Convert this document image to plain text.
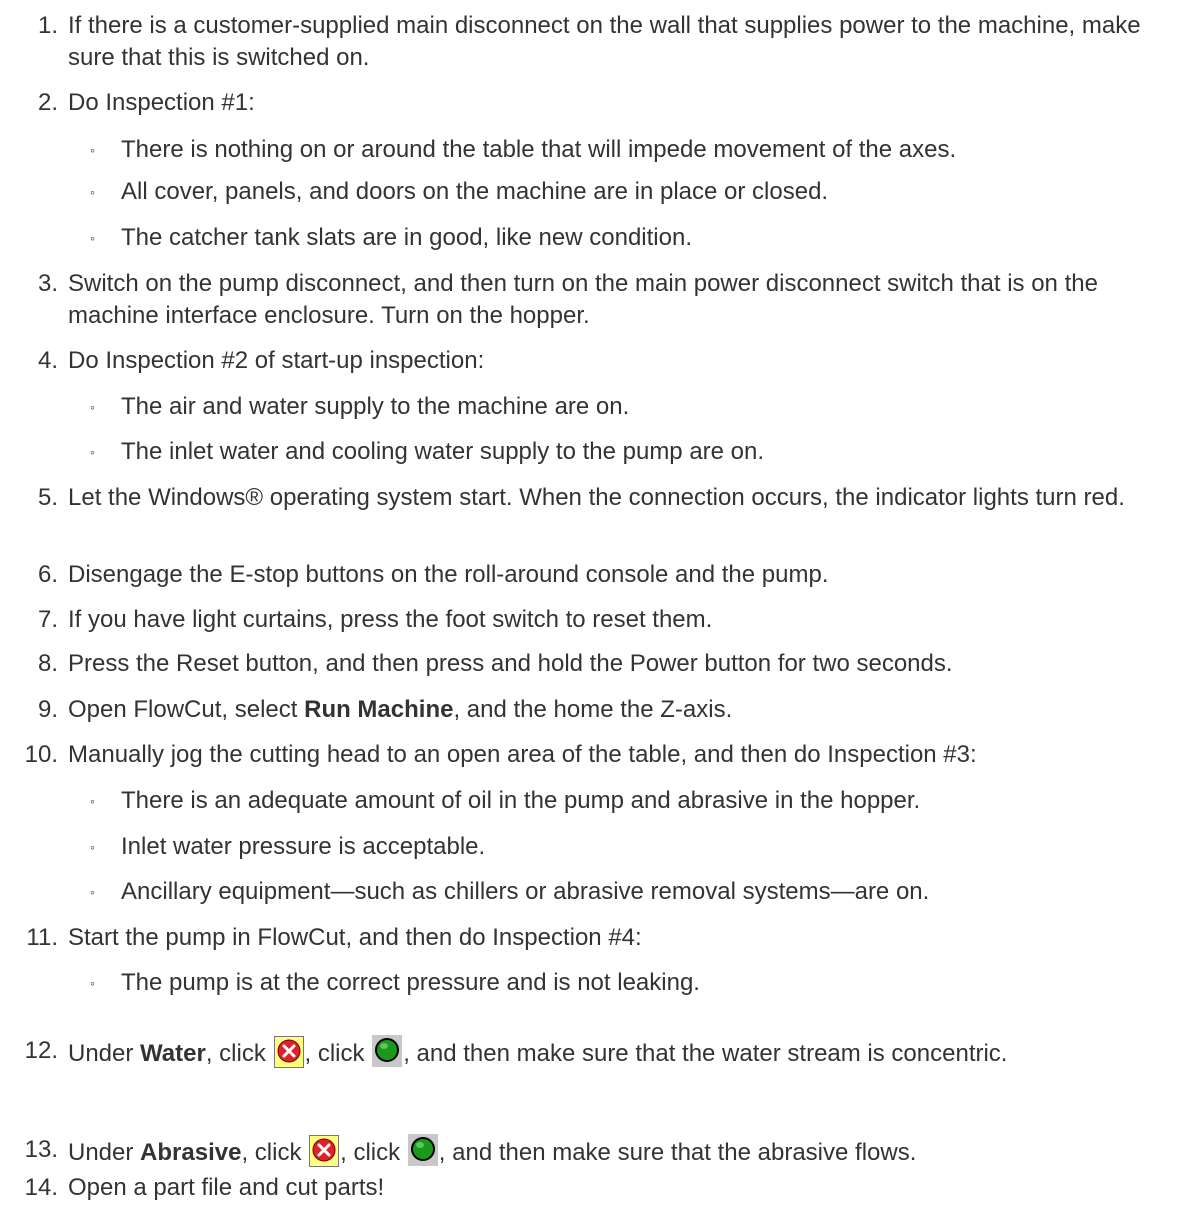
1. If there is a customer-supplied main disconnect on the wall that supplies power to the machine, make sure that this is switched on.
2. Do Inspection #1:
◦ There is nothing on or around the table that will impede movement of the axes.
◦ All cover, panels, and doors on the machine are in place or closed.
◦ The catcher tank slats are in good, like new condition.
3. Switch on the pump disconnect, and then turn on the main power disconnect switch that is on the machine interface enclosure. Turn on the hopper.
4. Do Inspection #2 of start-up inspection:
◦ The air and water supply to the machine are on.
◦ The inlet water and cooling water supply to the pump are on.
5. Let the Windows® operating system start. When the connection occurs, the indicator lights turn red.
6. Disengage the E-stop buttons on the roll-around console and the pump.
7. If you have light curtains, press the foot switch to reset them.
8. Press the Reset button, and then press and hold the Power button for two seconds.
9. Open FlowCut, select Run Machine, and the home the Z-axis.
10. Manually jog the cutting head to an open area of the table, and then do Inspection #3:
◦ There is an adequate amount of oil in the pump and abrasive in the hopper.
◦ Inlet water pressure is acceptable.
◦ Ancillary equipment—such as chillers or abrasive removal systems—are on.
11. Start the pump in FlowCut, and then do Inspection #4:
◦ The pump is at the correct pressure and is not leaking.
12. Under Water, click , click , and then make sure that the water stream is concentric.
13. Under Abrasive, click , click , and then make sure that the abrasive flows.
14. Open a part file and cut parts!
